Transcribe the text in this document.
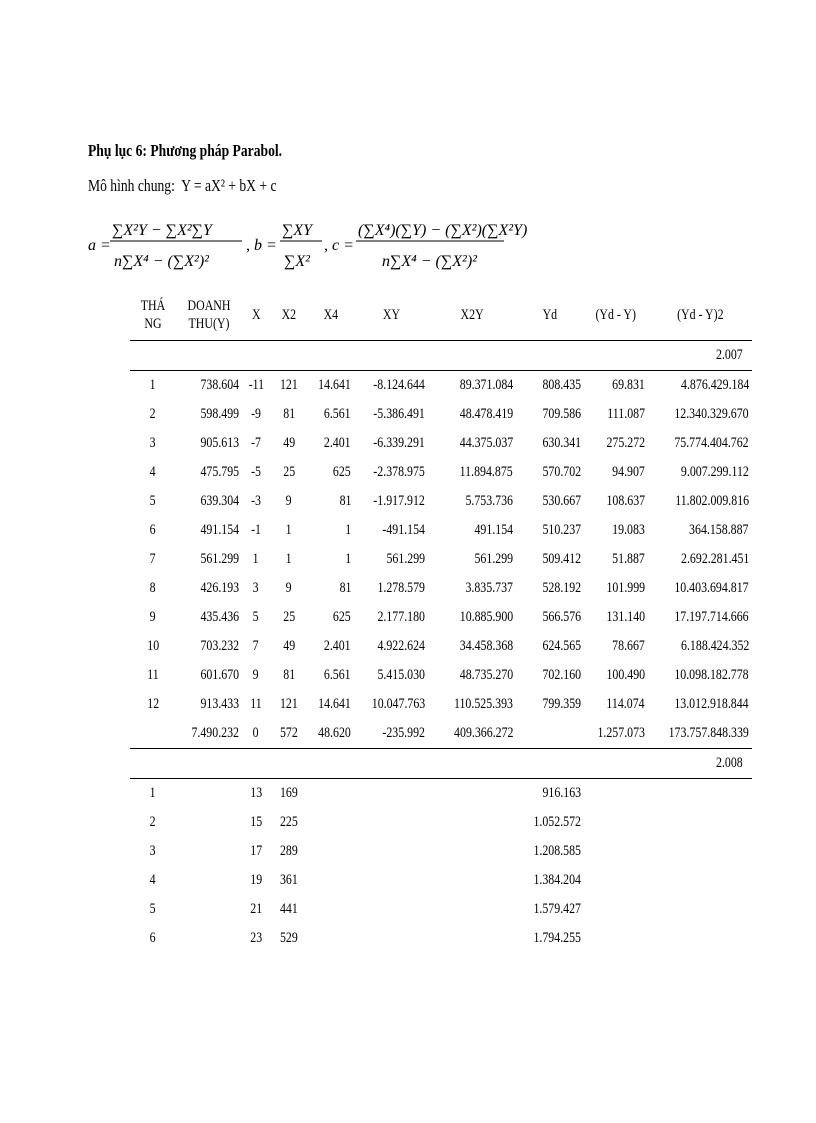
Phụ lục 6: Phương pháp Parabol.
Mô hình chung: Y = aX² + bX + c
a =
∑X²Y − ∑X²∑Y
n∑X⁴ − (∑X²)²
, b =
∑XY
∑X²
, c =
(∑X⁴)(∑Y) − (∑X²)(∑X²Y)
n∑X⁴ − (∑X²)²
THÁ NG	DOANH THU(Y)	X	X2	X4	XY	X2Y	Yd	(Yd - Y)	(Yd - Y)2
2.007									
1	738.604	-11	121	14.641	-8.124.644	89.371.084	808.435	69.831	4.876.429.184
2	598.499	-9	81	6.561	-5.386.491	48.478.419	709.586	111.087	12.340.329.670
3	905.613	-7	49	2.401	-6.339.291	44.375.037	630.341	275.272	75.774.404.762
4	475.795	-5	25	625	-2.378.975	11.894.875	570.702	94.907	9.007.299.112
5	639.304	-3	9	81	-1.917.912	5.753.736	530.667	108.637	11.802.009.816
6	491.154	-1	1	1	-491.154	491.154	510.237	19.083	364.158.887
7	561.299	1	1	1	561.299	561.299	509.412	51.887	2.692.281.451
8	426.193	3	9	81	1.278.579	3.835.737	528.192	101.999	10.403.694.817
9	435.436	5	25	625	2.177.180	10.885.900	566.576	131.140	17.197.714.666
10	703.232	7	49	2.401	4.922.624	34.458.368	624.565	78.667	6.188.424.352
11	601.670	9	81	6.561	5.415.030	48.735.270	702.160	100.490	10.098.182.778
12	913.433	11	121	14.641	10.047.763	110.525.393	799.359	114.074	13.012.918.844
	7.490.232	0	572	48.620	-235.992	409.366.272		1.257.073	173.757.848.339
2.008									
1		13	169				916.163		
2		15	225				1.052.572		
3		17	289				1.208.585		
4		19	361				1.384.204		
5		21	441				1.579.427		
6		23	529				1.794.255		
